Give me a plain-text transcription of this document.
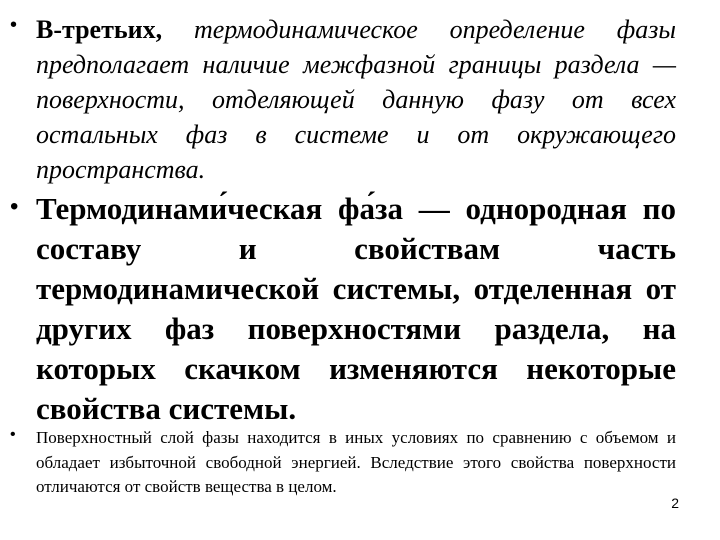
• В-третьих, термодинамическое определение фазы предполагает наличие межфазной границы раздела — поверхности, отделяющей данную фазу от всех остальных фаз в системе и от окружающего пространства.
• Термодинами́ческая фа́за — однородная по составу и свойствам часть термодинамической системы, отделенная от других фаз поверхностями раздела, на которых скачком изменяются некоторые свойства системы.
• Поверхностный слой фазы находится в иных условиях по сравнению с объемом и обладает избыточной свободной энергией. Вследствие этого свойства поверхности отличаются от свойств вещества в целом.
2
